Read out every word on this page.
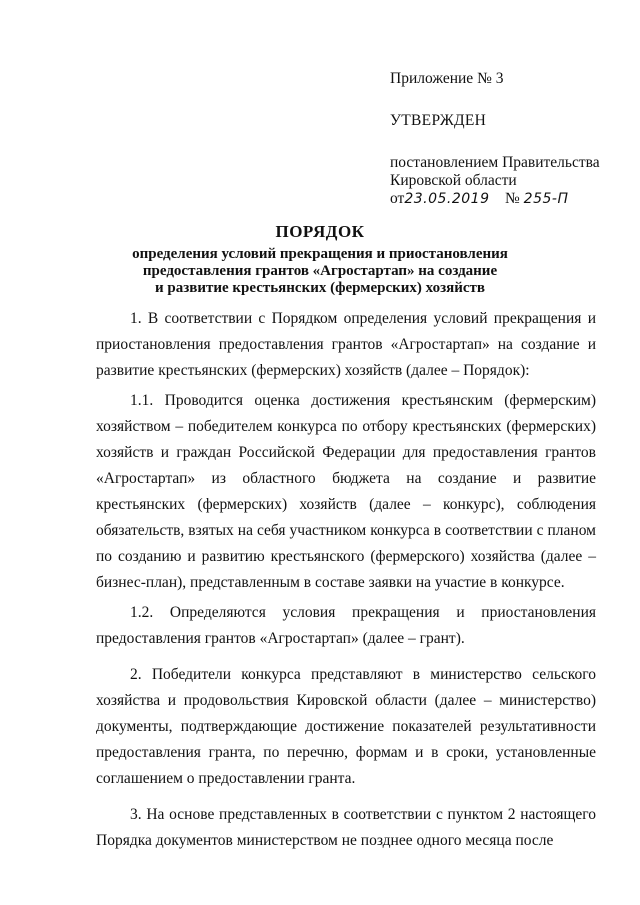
Приложение № 3

УТВЕРЖДЕН

постановлением Правительства

Кировской области

от23.05.2019 № 255-П

ПОРЯДОК

определения условий прекращения и приостановления

предоставления грантов «Агростартап» на создание

и развитие крестьянских (фермерских) хозяйств

1. В соответствии с Порядком определения условий прекращения и приостановления предоставления грантов «Агростартап» на создание и развитие крестьянских (фермерских) хозяйств (далее – Порядок):

1.1. Проводится оценка достижения крестьянским (фермерским) хозяйством – победителем конкурса по отбору крестьянских (фермерских) хозяйств и граждан Российской Федерации для предоставления грантов «Агростартап» из областного бюджета на создание и развитие крестьянских (фермерских) хозяйств (далее – конкурс), соблюдения обязательств, взятых на себя участником конкурса в соответствии с планом по созданию и развитию крестьянского (фермерского) хозяйства (далее – бизнес-план), представленным в составе заявки на участие в конкурсе.

1.2. Определяются условия прекращения и приостановления предоставления грантов «Агростартап» (далее – грант).

2. Победители конкурса представляют в министерство сельского хозяйства и продовольствия Кировской области (далее – министерство) документы, подтверждающие достижение показателей результативности предоставления гранта, по перечню, формам и в сроки, установленные соглашением о предоставлении гранта.

3. На основе представленных в соответствии с пунктом 2 настоящего Порядка документов министерством не позднее одного месяца после
